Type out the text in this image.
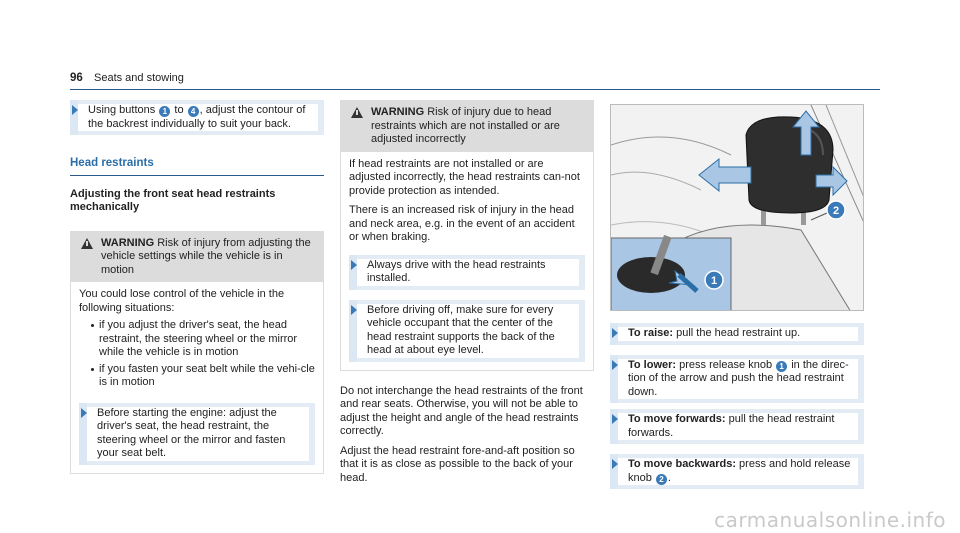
96 Seats and stowing
Using buttons 1 to 4 , adjust the contour of the backrest individually to suit your back.
Head restraints
Adjusting the front seat head restraints mechanically
WARNING Risk of injury from adjusting the vehicle settings while the vehicle is in motion
You could lose control of the vehicle in the following situations:
if you adjust the driver's seat, the head restraint, the steering wheel or the mirror while the vehicle is in motion
if you fasten your seat belt while the vehi-cle is in motion
Before starting the engine: adjust the driver's seat, the head restraint, the steering wheel or the mirror and fasten your seat belt.
WARNING Risk of injury due to head restraints which are not installed or are adjusted incorrectly
If head restraints are not installed or are adjusted incorrectly, the head restraints can-not provide protection as intended.
There is an increased risk of injury in the head and neck area, e.g. in the event of an accident or when braking.
Always drive with the head restraints installed.
Before driving off, make sure for every vehicle occupant that the center of the head restraint supports the back of the head at about eye level.
Do not interchange the head restraints of the front and rear seats. Otherwise, you will not be able to adjust the height and angle of the head restraints correctly.
Adjust the head restraint fore-and-aft position so that it is as close as possible to the back of your head.
2
1
To raise: pull the head restraint up.
To lower: press release knob 1 in the direc-tion of the arrow and push the head restraint down.
To move forwards: pull the head restraint forwards.
To move backwards: press and hold release knob 2 .
carmanualsonline.info
